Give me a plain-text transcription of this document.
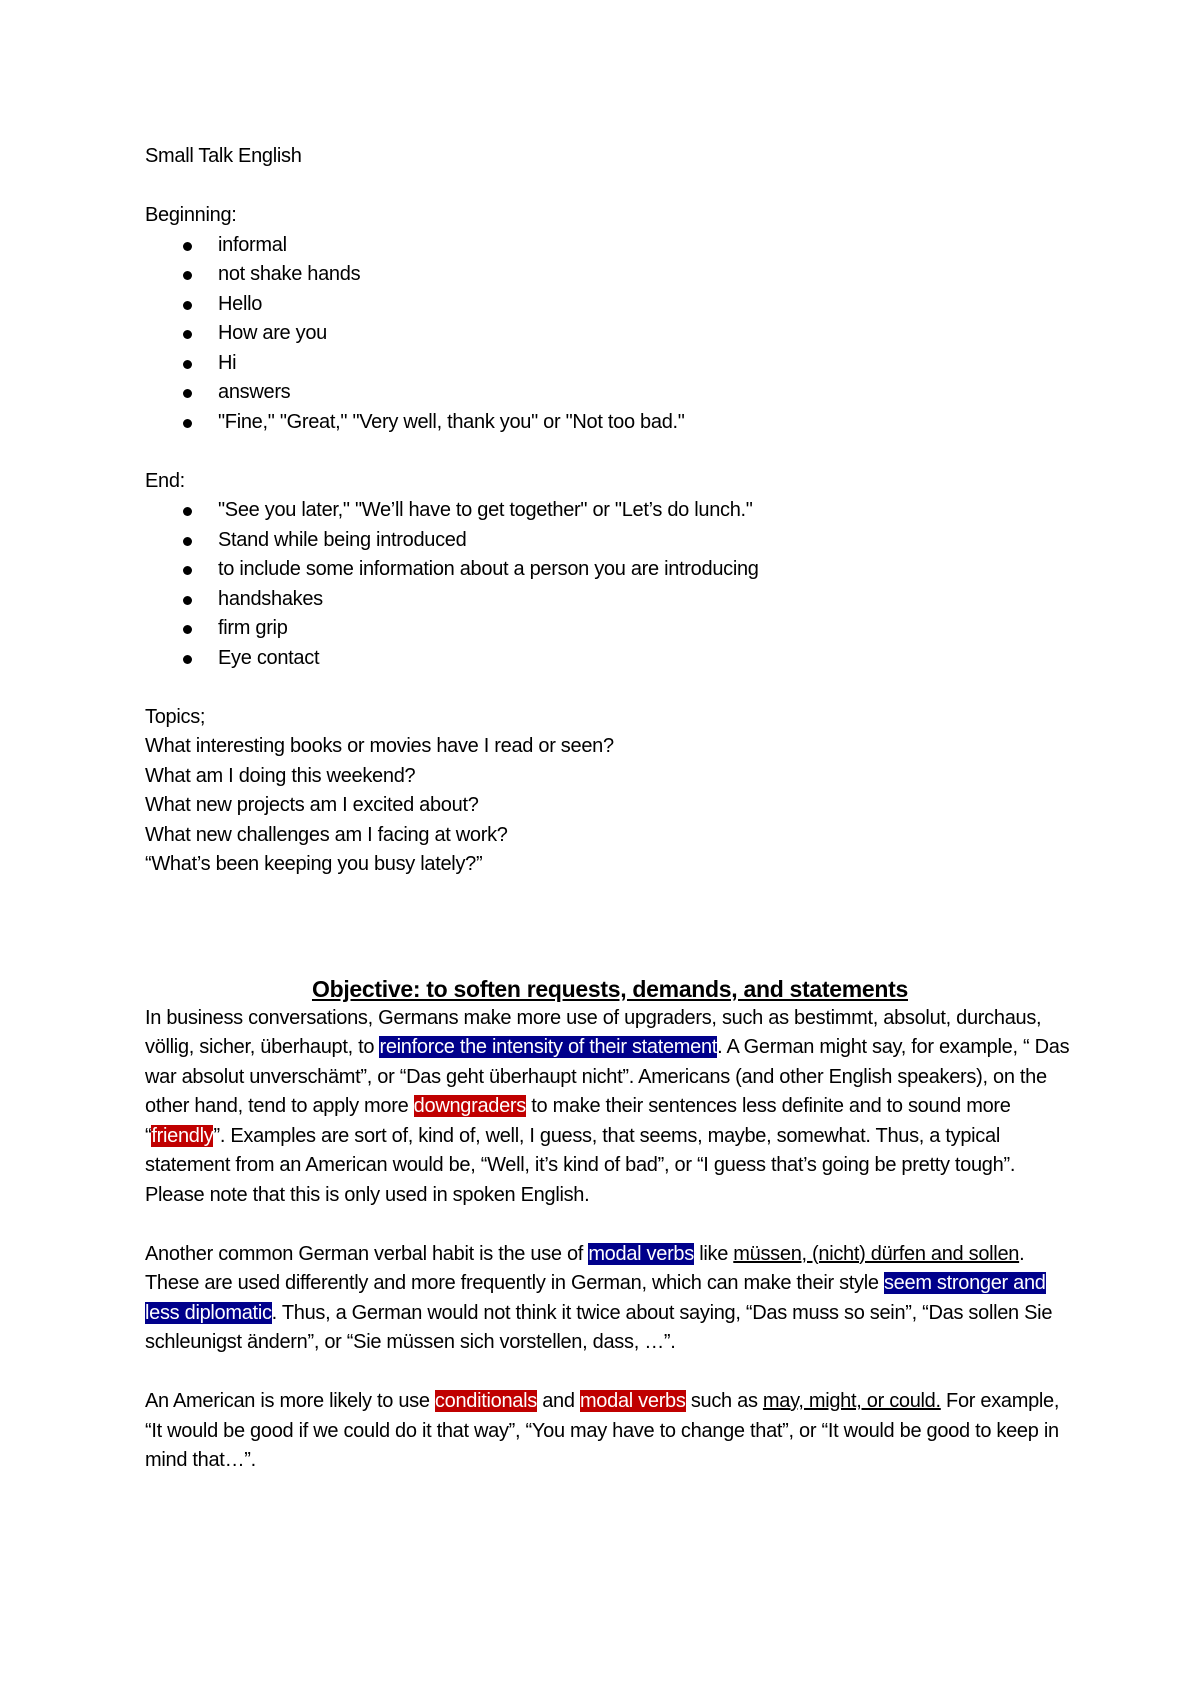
Small Talk English

Beginning:

informal
not shake hands
Hello
How are you
Hi
answers
"Fine," "Great," "Very well, thank you" or "Not too bad."

End:

"See you later," "We’ll have to get together" or "Let’s do lunch."
Stand while being introduced
to include some information about a person you are introducing
handshakes
firm grip
Eye contact

Topics;

What interesting books or movies have I read or seen?

What am I doing this weekend?

What new projects am I excited about?

What new challenges am I facing at work?

“What’s been keeping you busy lately?”

Objective: to soften requests, demands, and statements

In business conversations, Germans make more use of upgraders, such as bestimmt, absolut, durchaus, völlig, sicher, überhaupt, to reinforce the intensity of their statement. A German might say, for example, “ Das war absolut unverschämt”, or “Das geht überhaupt nicht”. Americans (and other English speakers), on the other hand, tend to apply more downgraders to make their sentences less definite and to sound more “friendly”. Examples are sort of, kind of, well, I guess, that seems, maybe, somewhat. Thus, a typical statement from an American would be, “Well, it’s kind of bad”, or “I guess that’s going be pretty tough”. Please note that this is only used in spoken English.

Another common German verbal habit is the use of modal verbs like müssen, (nicht) dürfen and sollen. These are used differently and more frequently in German, which can make their style seem stronger and less diplomatic. Thus, a German would not think it twice about saying, “Das muss so sein”, “Das sollen Sie schleunigst ändern”, or “Sie müssen sich vorstellen, dass, …”.

An American is more likely to use conditionals and modal verbs such as may, might, or could. For example, “It would be good if we could do it that way”, “You may have to change that”, or “It would be good to keep in mind that…”.
